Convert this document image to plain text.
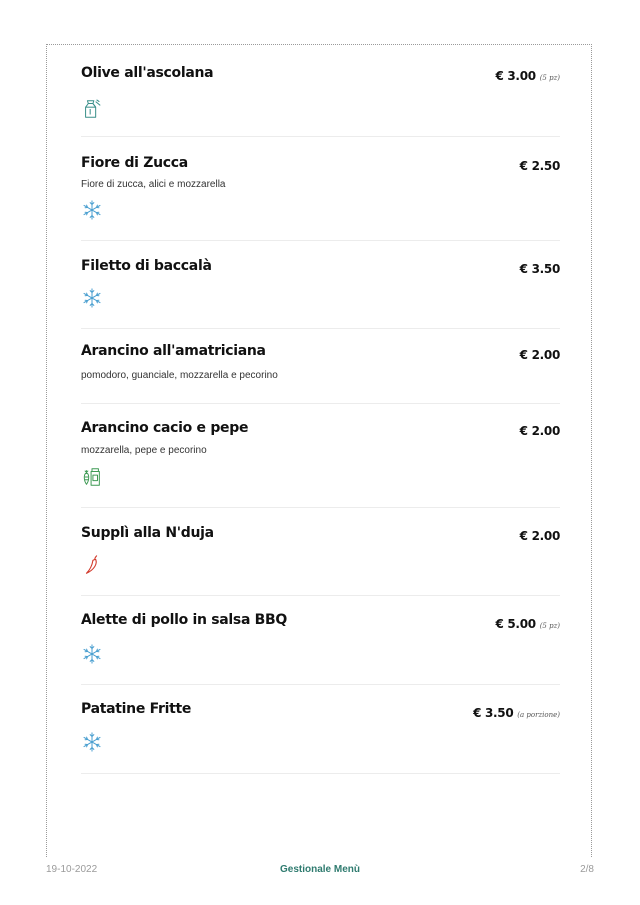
Olive all'ascolana	€ 3.00 (5 pz)
Fiore di Zucca	€ 2.50
Fiore di zucca, alici e mozzarella
Filetto di baccalà	€ 3.50
Arancino all'amatriciana	€ 2.00
pomodoro, guanciale, mozzarella e pecorino
Arancino cacio e pepe	€ 2.00
mozzarella, pepe e pecorino
Supplì alla N'duja	€ 2.00
Alette di pollo in salsa BBQ	€ 5.00 (5 pz)
Patatine Fritte	€ 3.50 (a porzione)
19-10-2022	Gestionale Menù	2/8
